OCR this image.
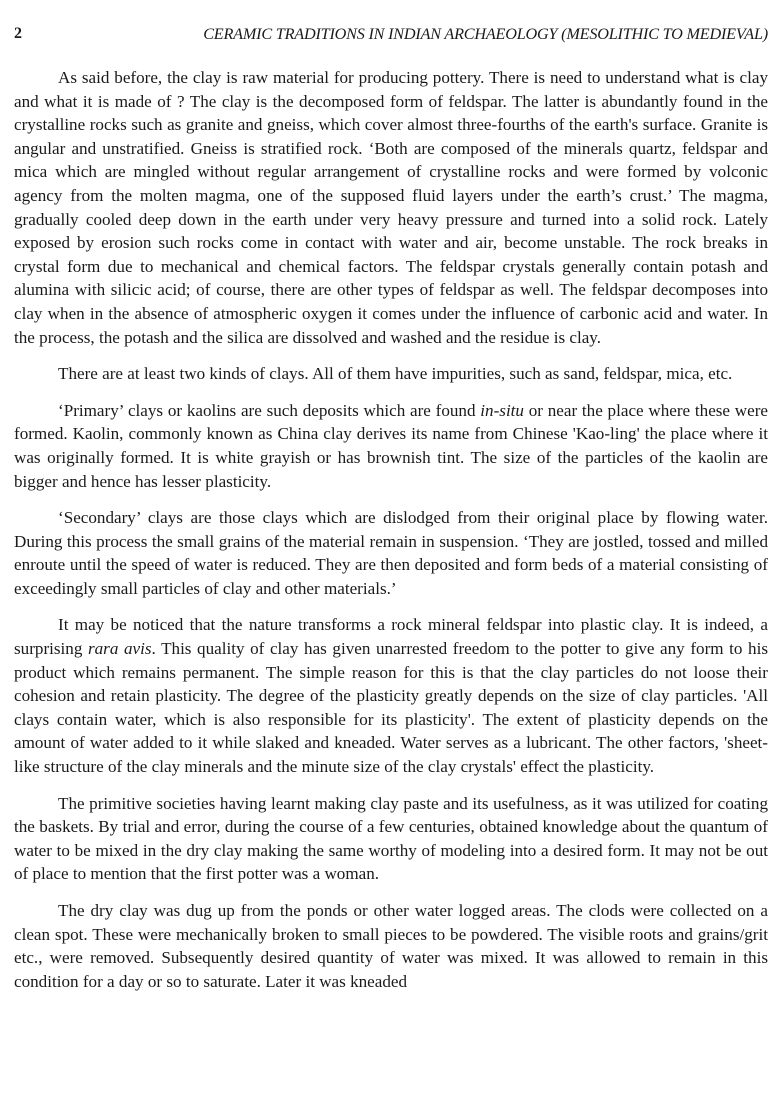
2	CERAMIC TRADITIONS IN INDIAN ARCHAEOLOGY (MESOLITHIC TO MEDIEVAL)

As said before, the clay is raw material for producing pottery. There is need to understand what is clay and what it is made of ? The clay is the decomposed form of feldspar. The latter is abundantly found in the crystalline rocks such as granite and gneiss, which cover almost three-fourths of the earth's surface. Granite is angular and unstratified. Gneiss is stratified rock. ‘Both are composed of the minerals quartz, feldspar and mica which are mingled without regular arrangement of crystalline rocks and were formed by volconic agency from the molten magma, one of the supposed fluid layers under the earth’s crust.’ The magma, gradually cooled deep down in the earth under very heavy pressure and turned into a solid rock. Lately exposed by erosion such rocks come in contact with water and air, become unstable. The rock breaks in crystal form due to mechanical and chemical factors. The feldspar crystals generally contain potash and alumina with silicic acid; of course, there are other types of feldspar as well. The feldspar decomposes into clay when in the absence of atmospheric oxygen it comes under the influence of carbonic acid and water. In the process, the potash and the silica are dissolved and washed and the residue is clay.

There are at least two kinds of clays. All of them have impurities, such as sand, feldspar, mica, etc.

‘Primary’ clays or kaolins are such deposits which are found in-situ or near the place where these were formed. Kaolin, commonly known as China clay derives its name from Chinese 'Kao-ling' the place where it was originally formed. It is white grayish or has brownish tint. The size of the particles of the kaolin are bigger and hence has lesser plasticity.

‘Secondary’ clays are those clays which are dislodged from their original place by flowing water. During this process the small grains of the material remain in suspension. ‘They are jostled, tossed and milled enroute until the speed of water is reduced. They are then deposited and form beds of a material consisting of exceedingly small particles of clay and other materials.’

It may be noticed that the nature transforms a rock mineral feldspar into plastic clay. It is indeed, a surprising rara avis. This quality of clay has given unarrested freedom to the potter to give any form to his product which remains permanent. The simple reason for this is that the clay particles do not loose their cohesion and retain plasticity. The degree of the plasticity greatly depends on the size of clay particles. 'All clays contain water, which is also responsible for its plasticity'. The extent of plasticity depends on the amount of water added to it while slaked and kneaded. Water serves as a lubricant. The other factors, 'sheet-like structure of the clay minerals and the minute size of the clay crystals' effect the plasticity.

The primitive societies having learnt making clay paste and its usefulness, as it was utilized for coating the baskets. By trial and error, during the course of a few centuries, obtained knowledge about the quantum of water to be mixed in the dry clay making the same worthy of modeling into a desired form. It may not be out of place to mention that the first potter was a woman.

The dry clay was dug up from the ponds or other water logged areas. The clods were collected on a clean spot. These were mechanically broken to small pieces to be powdered. The visible roots and grains/grit etc., were removed. Subsequently desired quantity of water was mixed. It was allowed to remain in this condition for a day or so to saturate. Later it was kneaded
